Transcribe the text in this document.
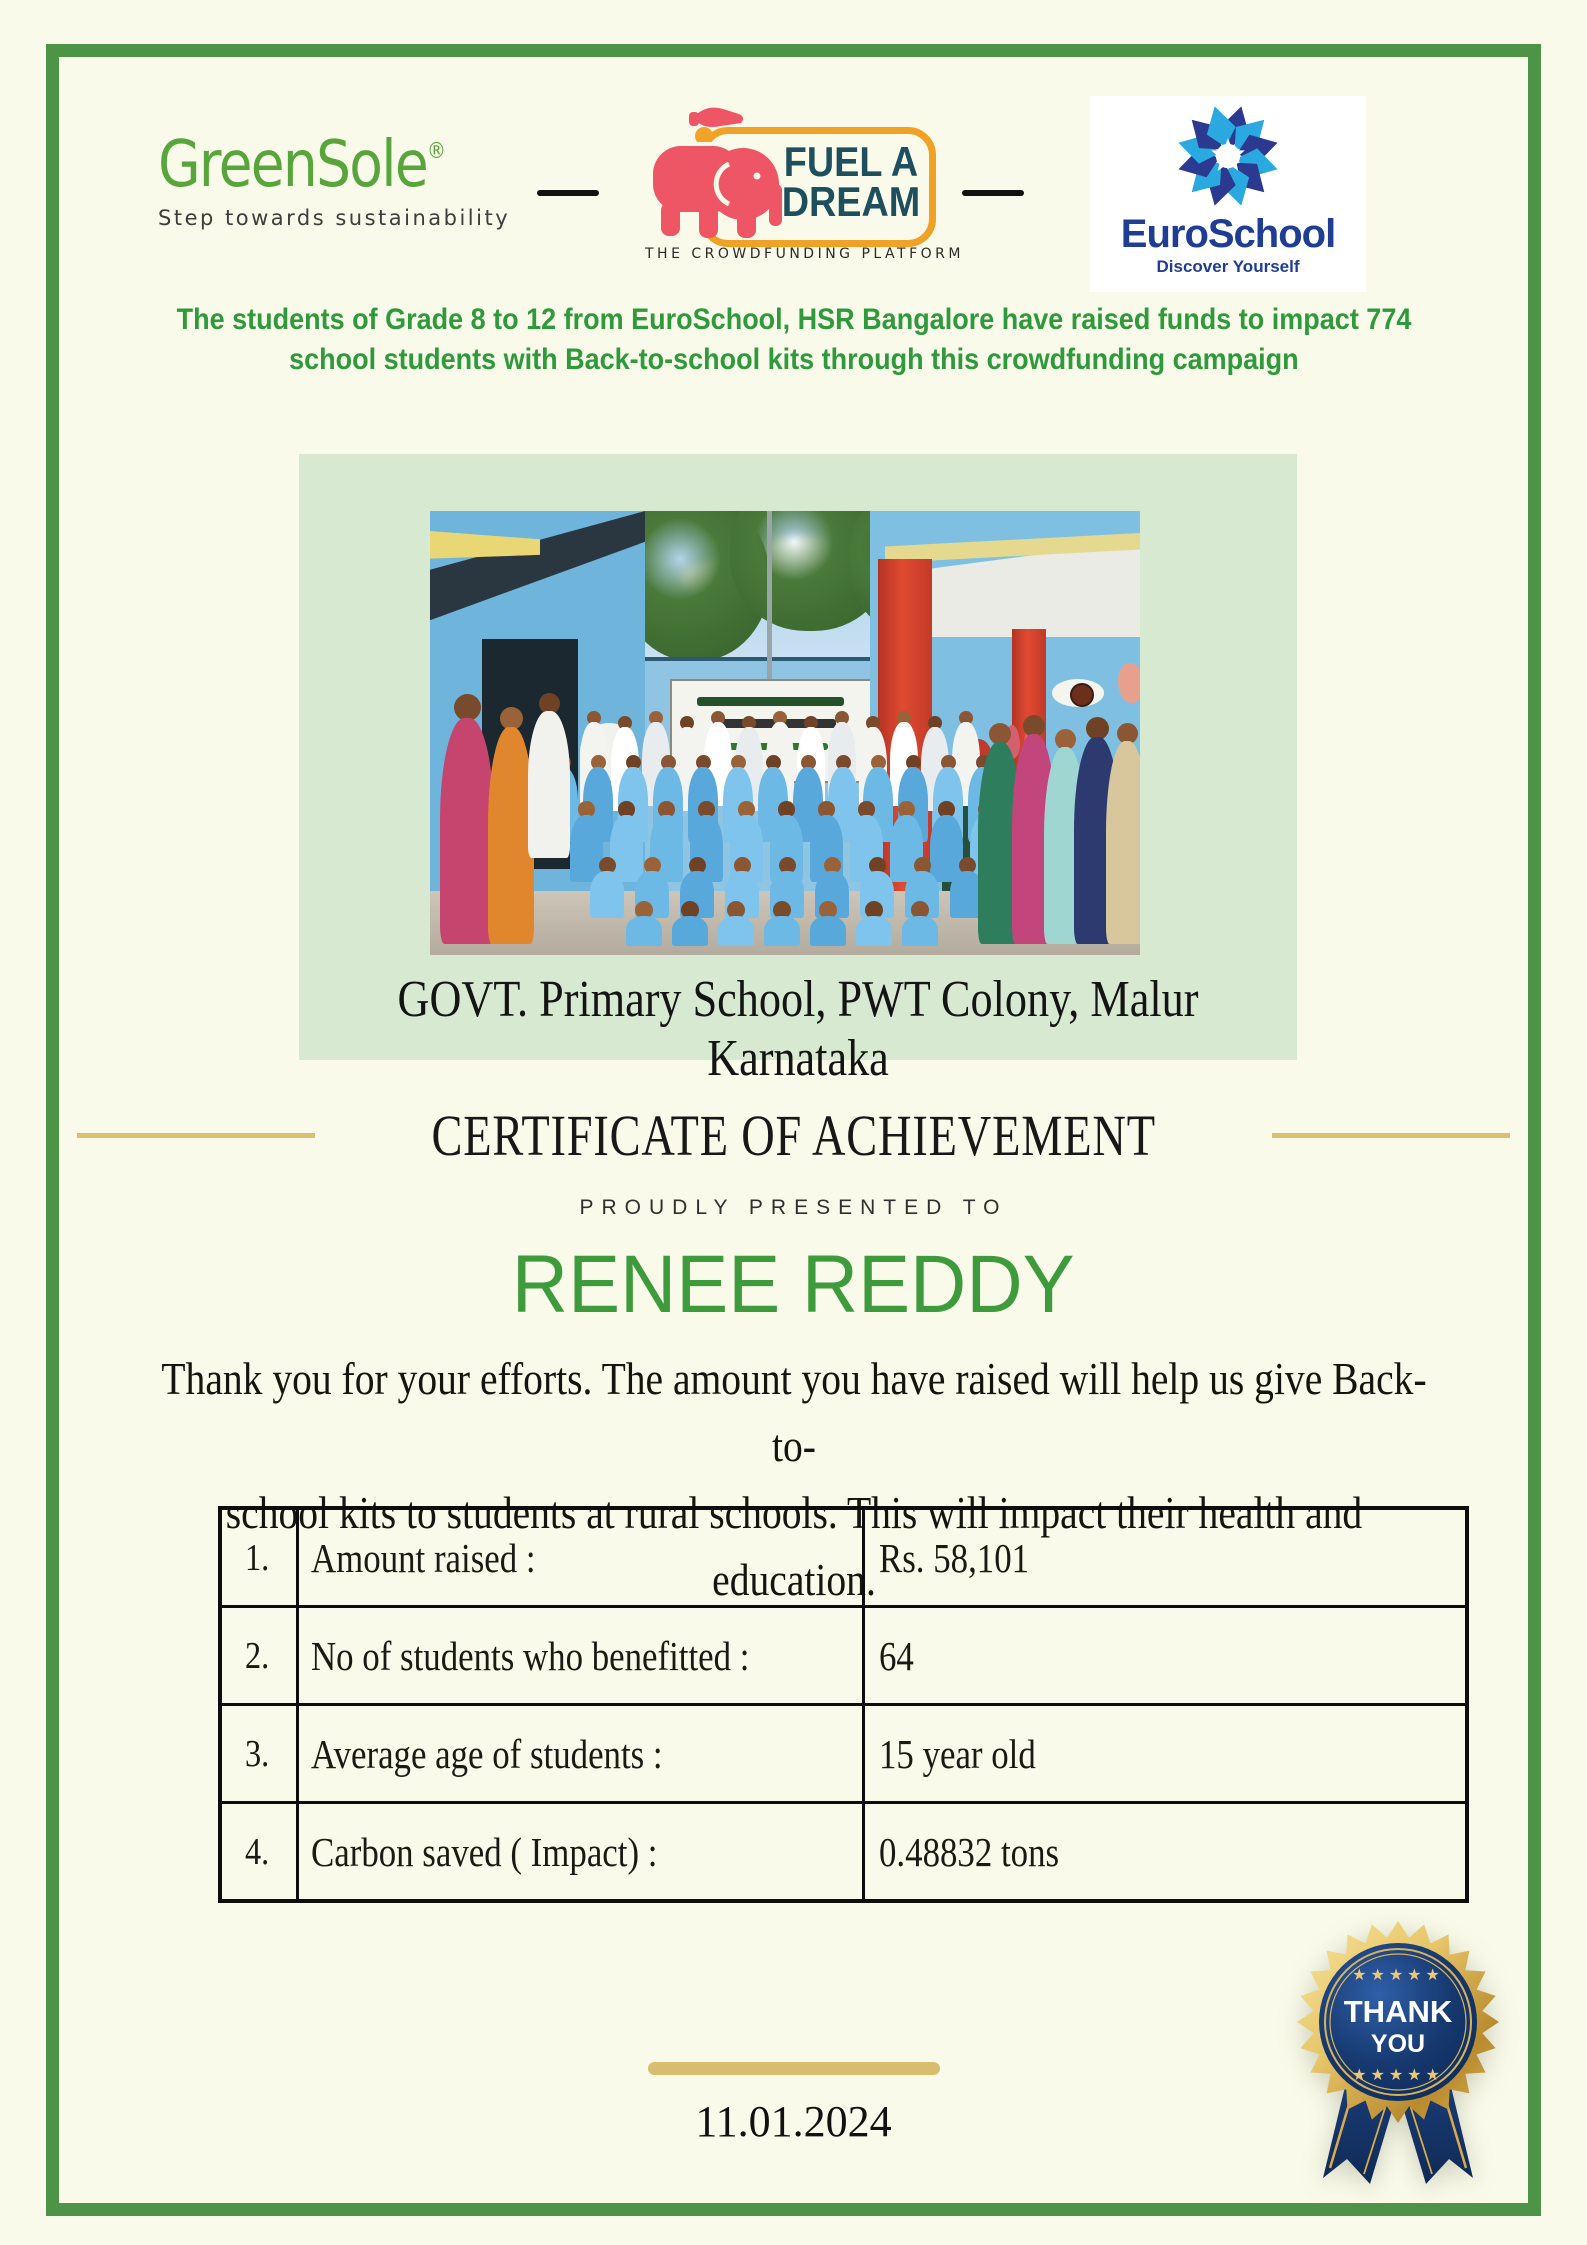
GreenSole®
Step towards sustainability
FUEL A
DREAM
THE CROWDFUNDING PLATFORM	EuroSchool
Discover Yourself
The students of Grade 8 to 12 from EuroSchool, HSR Bangalore have raised funds to impact 774
school students with Back-to-school kits through this crowdfunding campaign
GOVT. Primary School, PWT Colony, Malur Karnataka
CERTIFICATE OF ACHIEVEMENT
PROUDLY PRESENTED TO
RENEE REDDY
Thank you for your efforts. The amount you have raised will help us give Back-to-
school kits to students at rural schools. This will impact their health and education.
1.	Amount raised :	Rs. 58,101
2.	No of students who benefitted :	64
3.	Average age of students :	15 year old
4.	Carbon saved ( Impact) :	0.48832 tons
11.01.2024
★★★★★
THANK
YOU
★★★★★
